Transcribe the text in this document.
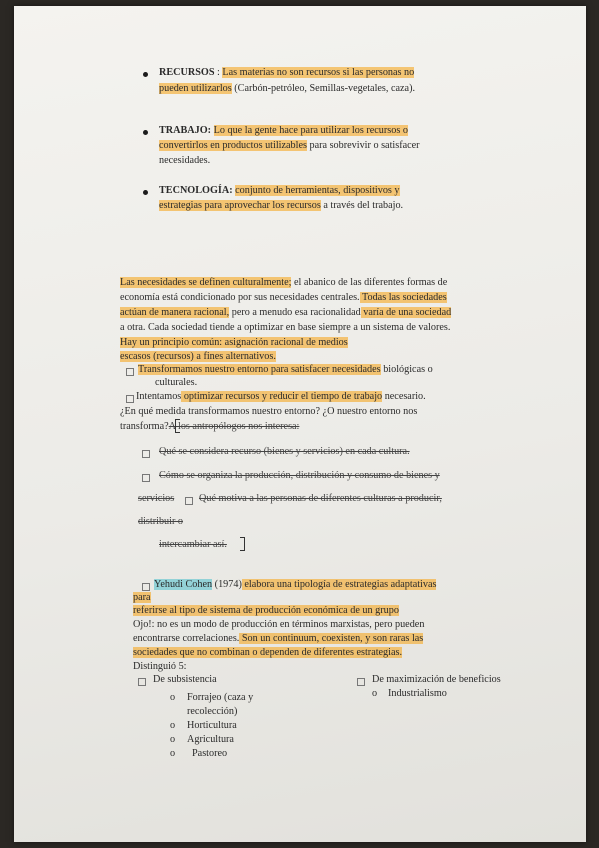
RECURSOS : Las materias no son recursos si las personas no
pueden utilizarlos (Carbón-petróleo, Semillas-vegetales, caza).
TRABAJO: Lo que la gente hace para utilizar los recursos o
convertirlos en productos utilizables para sobrevivir o satisfacer
necesidades.
TECNOLOGÍA: conjunto de herramientas, dispositivos y
estrategias para aprovechar los recursos a través del trabajo.
Las necesidades se definen culturalmente; el abanico de las diferentes formas de
economía está condicionado por sus necesidades centrales. Todas las sociedades
actúan de manera racional, pero a menudo esa racionalidad varía de una sociedad
a otra. Cada sociedad tiende a optimizar en base siempre a un sistema de valores.
Hay un principio común: asignación racional de medios
escasos (recursos) a fines alternativos.
Transformamos nuestro entorno para satisfacer necesidades biológicas o
culturales.
Intentamos optimizar recursos y reducir el tiempo de trabajo necesario.
¿En qué medida transformamos nuestro entorno? ¿O nuestro entorno nos
transforma?A los antropólogos nos interesa:
Qué se considera recurso (bienes y servicios) en cada cultura.
Cómo se organiza la producción, distribución y consumo de bienes y
servicios Qué motiva a las personas de diferentes culturas a producir,
distribuir o
intercambiar así.
Yehudi Cohen (1974) elabora una tipología de estrategias adaptativas
para
referirse al tipo de sistema de producción económica de un grupo
Ojo!: no es un modo de producción en términos marxistas, pero pueden
encontrarse correlaciones. Son un continuum, coexisten, y son raras las
sociedades que no combinan o dependen de diferentes estrategias.
Distinguió 5:
De subsistencia
o Forrajeo (caza y
recolección)
o Horticultura
o Agricultura
o Pastoreo
De maximización de beneficios
o Industrialismo
